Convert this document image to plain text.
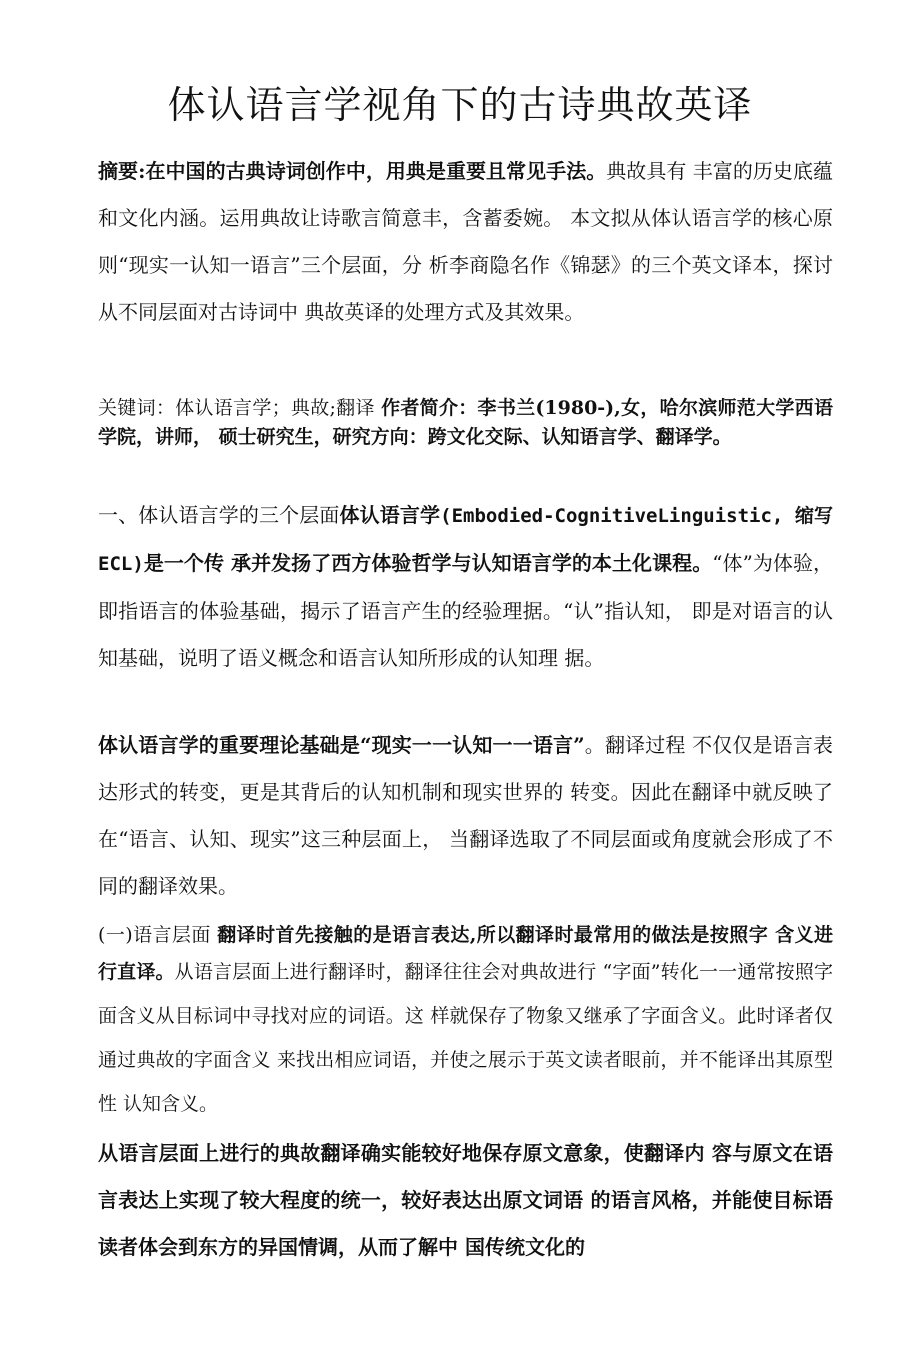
体认语言学视角下的古诗典故英译

摘要:在中国的古典诗词创作中，用典是重要且常见手法。典故具有 丰富的历史底蕴和文化内涵。运用典故让诗歌言简意丰，含蓄委婉。 本文拟从体认语言学的核心原则“现实一认知一语言”三个层面，分 析李商隐名作《锦瑟》的三个英文译本，探讨从不同层面对古诗词中 典故英译的处理方式及其效果。

关键词：体认语言学；典故;翻译 作者简介：李书兰(1980-),女，哈尔滨师范大学西语学院，讲师， 硕士研究生，研究方向：跨文化交际、认知语言学、翻译学。

一、体认语言学的三个层面体认语言学(Embodied-CognitiveLinguistic, 缩写 ECL)是一个传 承并发扬了西方体验哲学与认知语言学的本土化课程。“体”为体验， 即指语言的体验基础，揭示了语言产生的经验理据。“认”指认知， 即是对语言的认知基础，说明了语义概念和语言认知所形成的认知理 据。

体认语言学的重要理论基础是“现实一一认知一一语言”。翻译过程 不仅仅是语言表达形式的转变，更是其背后的认知机制和现实世界的 转变。因此在翻译中就反映了在“语言、认知、现实”这三种层面上， 当翻译选取了不同层面或角度就会形成了不同的翻译效果。

(一)语言层面 翻译时首先接触的是语言表达,所以翻译时最常用的做法是按照字 含义进行直译。从语言层面上进行翻译时，翻译往往会对典故进行 “字面”转化一一通常按照字面含义从目标词中寻找对应的词语。这 样就保存了物象又继承了字面含义。此时译者仅通过典故的字面含义 来找出相应词语，并使之展示于英文读者眼前，并不能译出其原型性 认知含义。

从语言层面上进行的典故翻译确实能较好地保存原文意象，使翻译内 容与原文在语言表达上实现了较大程度的统一，较好表达出原文词语 的语言风格，并能使目标语读者体会到东方的异国情调，从而了解中 国传统文化的
